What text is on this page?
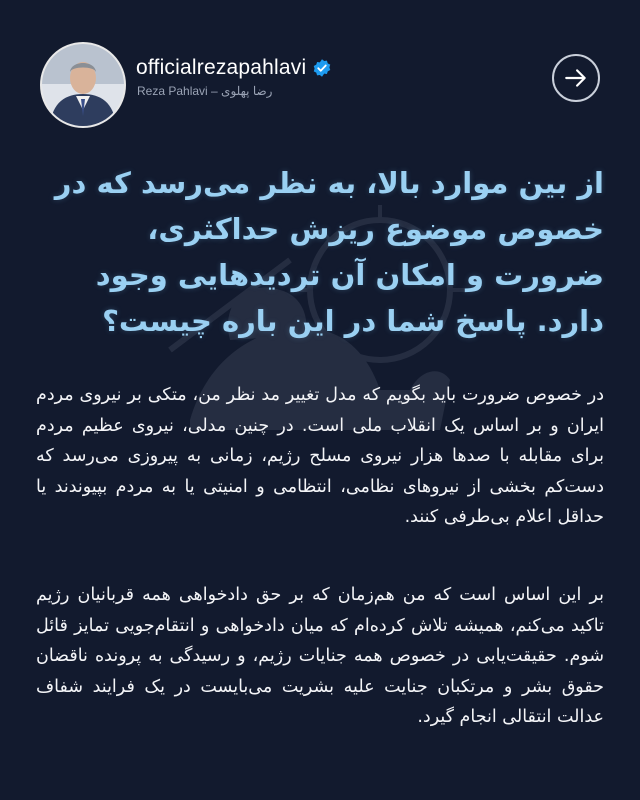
officialrezapahlavi
Reza Pahlavi – رضا پهلوی
از بین موارد بالا، به نظر می‌رسد که در خصوص موضوع ریزش حداکثری، ضرورت و امکان آن تردیدهایی وجود دارد. پاسخ شما در این باره چیست؟
در خصوص ضرورت باید بگویم که مدل تغییر مد نظر من، متکی بر نیروی مردم ایران و بر اساس یک انقلاب ملی است. در چنین مدلی، نیروی عظیم مردم برای مقابله با صدها هزار نیروی مسلح رژیم، زمانی به پیروزی می‌رسد که دست‌کم بخشی از نیروهای نظامی، انتظامی و امنیتی یا به مردم بپیوندند یا حداقل اعلام بی‌طرفی کنند.
بر این اساس است که من هم‌زمان که بر حق دادخواهی همه قربانیان رژیم تاکید می‌کنم، همیشه تلاش کرده‌ام که میان دادخواهی و انتقام‌جویی تمایز قائل شوم. حقیقت‌یابی در خصوص همه جنایات رژیم، و رسیدگی به پرونده ناقضان حقوق بشر و مرتکبان جنایت علیه بشریت می‌بایست در یک فرایند شفاف عدالت انتقالی انجام گیرد.
